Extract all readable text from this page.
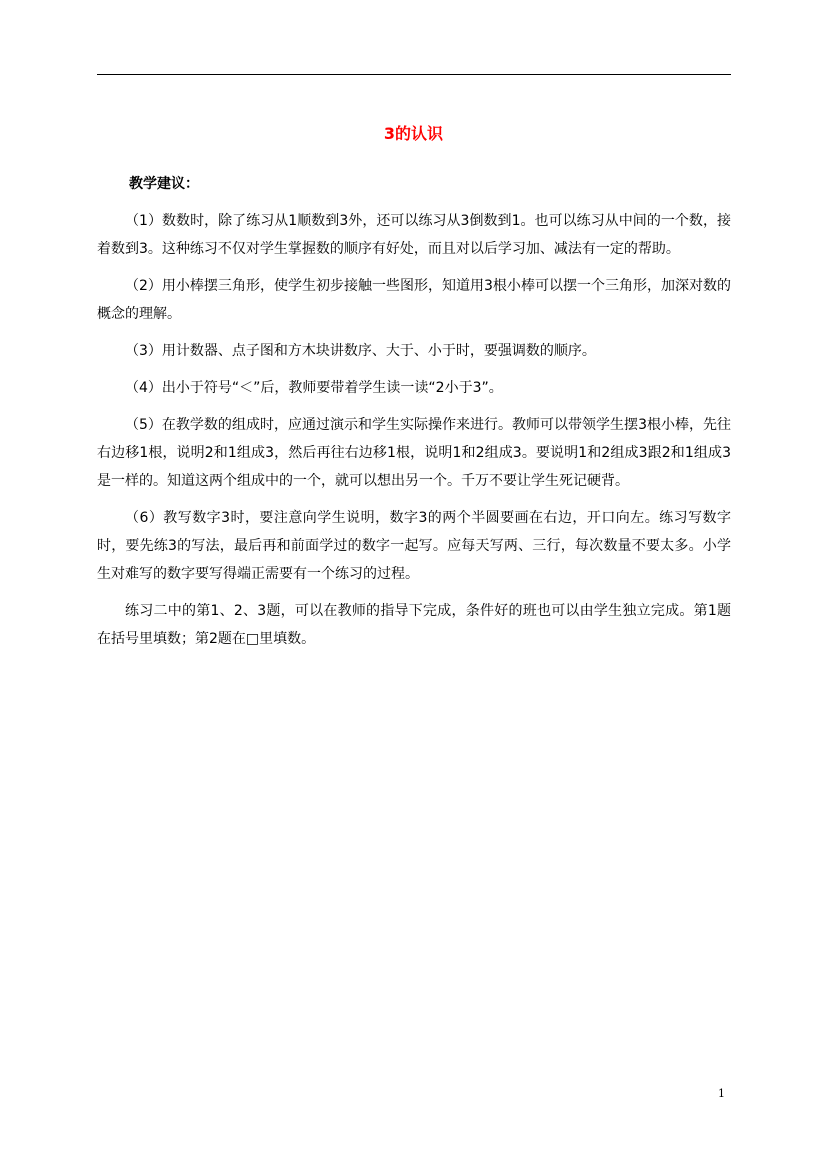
3的认识

教学建议：

（1）数数时，除了练习从1顺数到3外，还可以练习从3倒数到1。也可以练习从中间的一个数，接着数到3。这种练习不仅对学生掌握数的顺序有好处，而且对以后学习加、减法有一定的帮助。

（2）用小棒摆三角形，使学生初步接触一些图形，知道用3根小棒可以摆一个三角形，加深对数的概念的理解。

（3）用计数器、点子图和方木块讲数序、大于、小于时，要强调数的顺序。

（4）出小于符号“＜”后，教师要带着学生读一读“2小于3”。

（5）在教学数的组成时，应通过演示和学生实际操作来进行。教师可以带领学生摆3根小棒，先往右边移1根，说明2和1组成3，然后再往右边移1根，说明1和2组成3。要说明1和2组成3跟2和1组成3是一样的。知道这两个组成中的一个，就可以想出另一个。千万不要让学生死记硬背。

（6）教写数字3时，要注意向学生说明，数字3的两个半圆要画在右边，开口向左。练习写数字时，要先练3的写法，最后再和前面学过的数字一起写。应每天写两、三行，每次数量不要太多。小学生对难写的数字要写得端正需要有一个练习的过程。

练习二中的第1、2、3题，可以在教师的指导下完成，条件好的班也可以由学生独立完成。第1题在括号里填数；第2题在□里填数。

1
